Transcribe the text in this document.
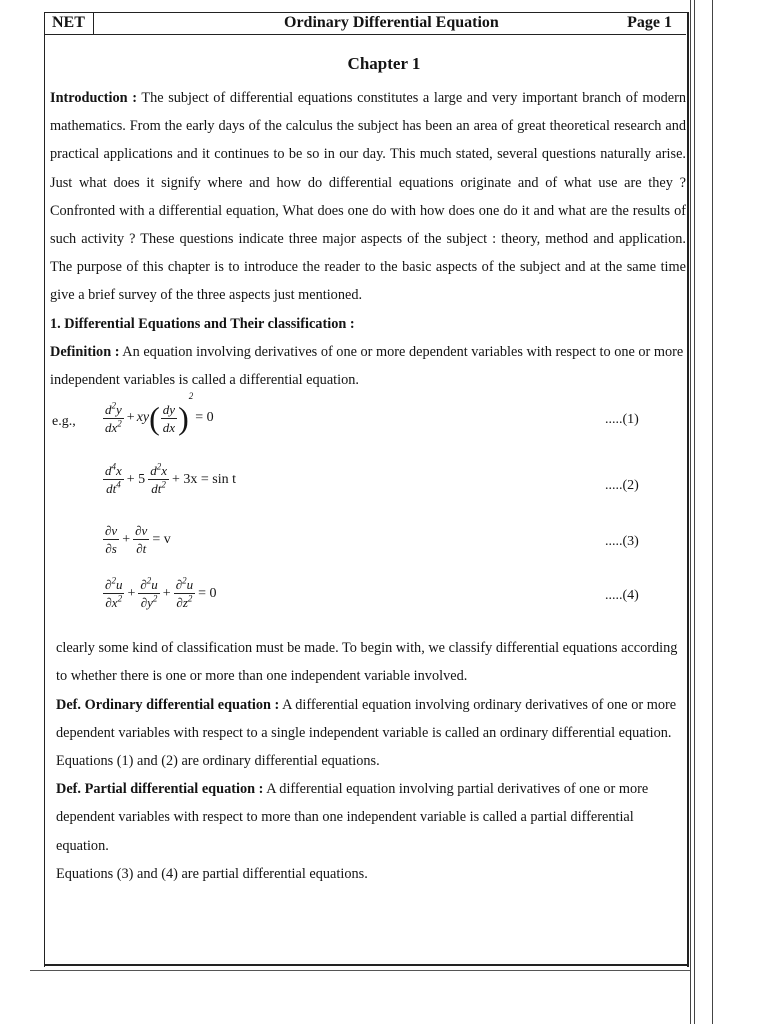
NET	Ordinary Differential Equation	Page 1
Chapter 1

Introduction : The subject of differential equations constitutes a large and very important branch of modern mathematics. From the early days of the calculus the subject has been an area of great theoretical research and practical applications and it continues to be so in our day. This much stated, several questions naturally arise. Just what does it signify where and how do differential equations originate and of what use are they ? Confronted with a differential equation, What does one do with how does one do it and what are the results of such activity ? These questions indicate three major aspects of the subject : theory, method and application. The purpose of this chapter is to introduce the reader to the basic aspects of the subject and at the same time give a brief survey of the three aspects just mentioned.

1. Differential Equations and Their classification :

Definition : An equation involving derivatives of one or more dependent variables with respect to one or more independent variables is called a differential equation.

e.g., $\frac{d^2y}{dx^2} + xy( \frac{dy}{dx} )^2= 0$	.....(1)
$\frac{d^4x}{dt^4} + 5 \frac{d^2x}{dt^2} + 3x = \sin t$	.....(2)
$\frac{\partial v}{\partial s} + \frac{\partial v}{\partial t} = v$	.....(3)
$\frac{\partial^2u}{\partial x^2} + \frac{\partial^2u}{\partial y^2} + \frac{\partial^2u}{\partial z^2} = 0$	.....(4)

clearly some kind of classification must be made. To begin with, we classify differential equations according to whether there is one or more than one independent variable involved.

Def. Ordinary differential equation : A differential equation involving ordinary derivatives of one or more dependent variables with respect to a single independent variable is called an ordinary differential equation.

Equations (1) and (2) are ordinary differential equations.

Def. Partial differential equation : A differential equation involving partial derivatives of one or more dependent variables with respect to more than one independent variable is called a partial differential equation.

Equations (3) and (4) are partial differential equations.
